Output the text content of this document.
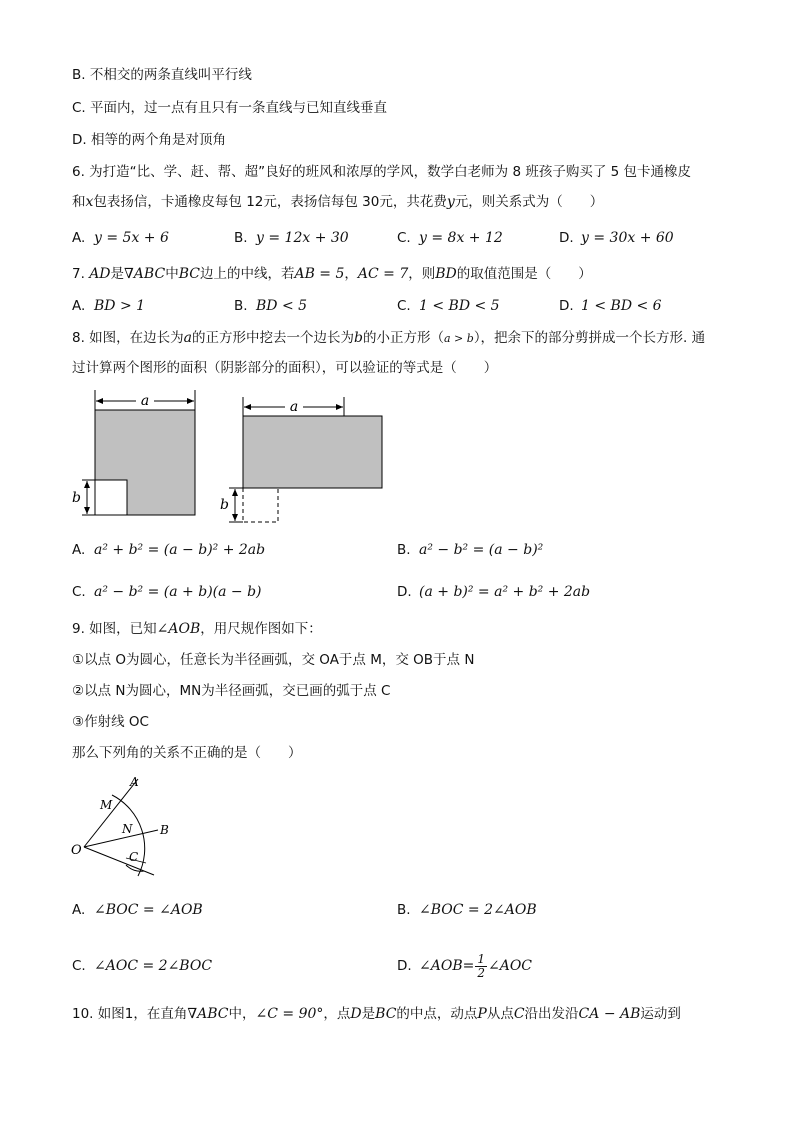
B. 不相交的两条直线叫平行线
C. 平面内，过一点有且只有一条直线与已知直线垂直
D. 相等的两个角是对顶角
6. 为打造“比、学、赶、帮、超”良好的班风和浓厚的学风，数学白老师为 8 班孩子购买了 5 包卡通橡皮
和x包表扬信，卡通橡皮每包 12元，表扬信每包 30元，共花费y元，则关系式为（　　）
A. y = 5x + 6	B. y = 12x + 30	C. y = 8x + 12	D. y = 30x + 60
7. AD是∇ABC中BC边上的中线，若AB = 5，AC = 7，则BD的取值范围是（　　）
A. BD > 1	B. BD < 5	C. 1 < BD < 5	D. 1 < BD < 6
8. 如图，在边长为a的正方形中挖去一个边长为b的小正方形（a > b），把余下的部分剪拼成一个长方形. 通
过计算两个图形的面积（阴影部分的面积），可以验证的等式是（　　）
a
b
a
b
A. a² + b² = (a − b)² + 2ab	B. a² − b² = (a − b)²
C. a² − b² = (a + b)(a − b)	D. (a + b)² = a² + b² + 2ab
9. 如图，已知∠AOB，用尺规作图如下：
①以点 O为圆心，任意长为半径画弧，交 OA于点 M，交 OB于点 N
②以点 N为圆心，MN为半径画弧，交已画的弧于点 C
③作射线 OC
那么下列角的关系不正确的是（　　）
A
M
N B
O	C
A. ∠BOC = ∠AOB	B. ∠BOC = 2∠AOB
C. ∠AOC = 2∠BOC	D. ∠AOB= $\frac{1}{2}$ ∠AOC
10. 如图1，在直角∇ABC中，∠C = 90°，点D是BC的中点，动点P从点C沿出发沿CA − AB运动到
